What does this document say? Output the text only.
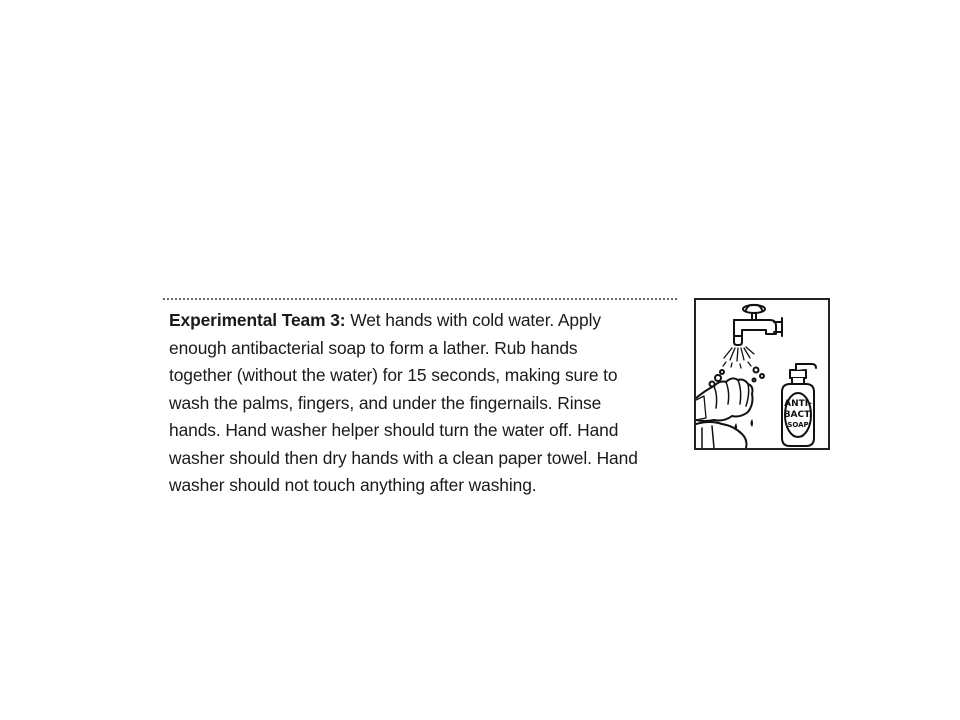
Experimental Team 3: Wet hands with cold water. Apply enough antibacterial soap to form a lather. Rub hands together (without the water) for 15 seconds, making sure to wash the palms, fingers, and under the fingernails. Rinse hands. Hand washer helper should turn the water off. Hand washer should then dry hands with a clean paper towel. Hand washer should not touch anything after washing.

ANTI-
BACT.
SOAP
